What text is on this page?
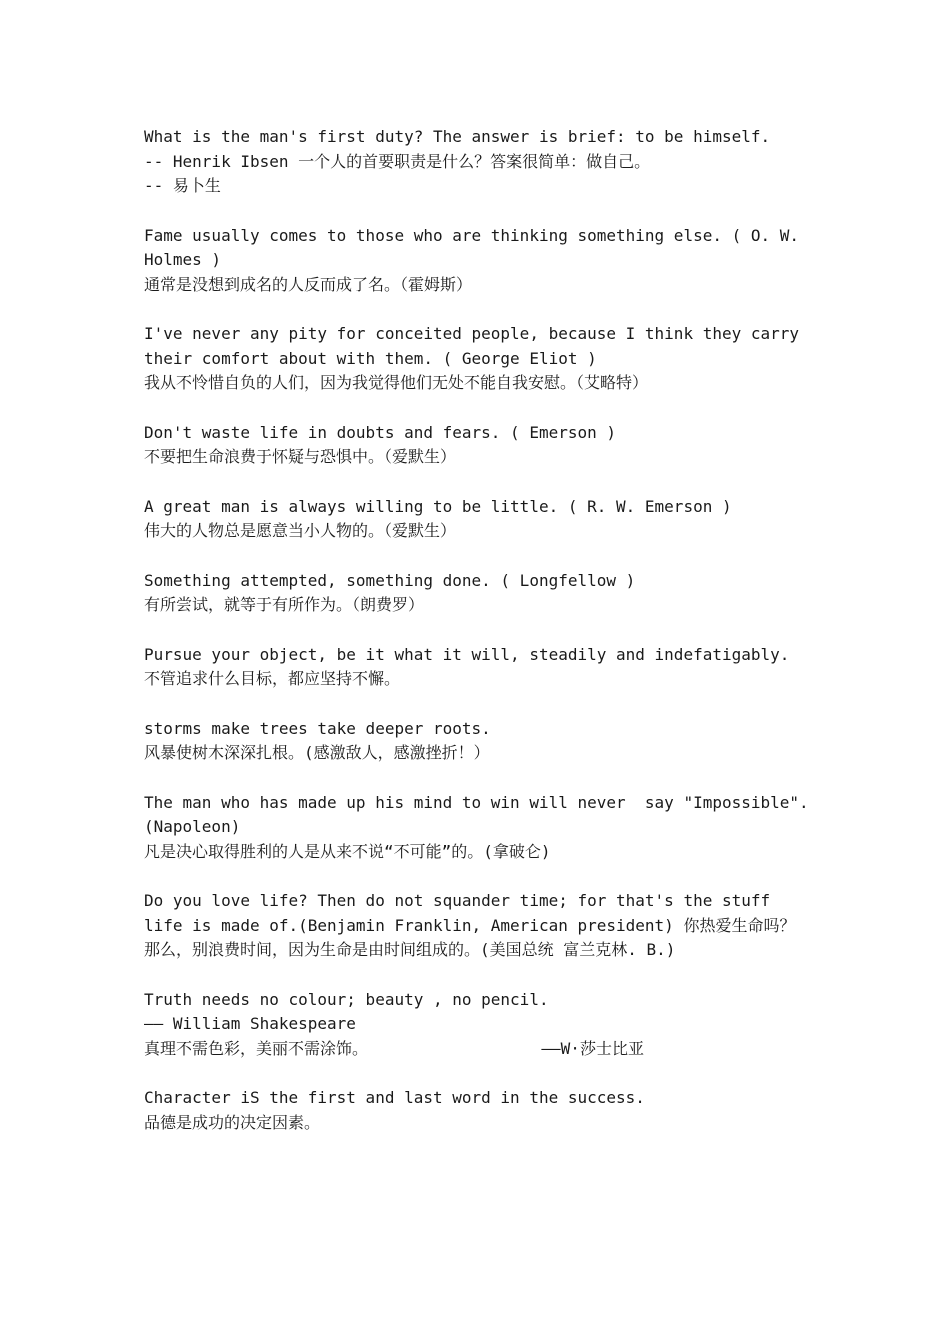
What is the man's first duty? The answer is brief: to be himself.
-- Henrik Ibsen 一个人的首要职责是什么？答案很简单：做自己。
-- 易卜生
Fame usually comes to those who are thinking something else. ( O. W.
Holmes )
通常是没想到成名的人反而成了名。（霍姆斯）
I've never any pity for conceited people, because I think they carry
their comfort about with them. ( George Eliot )
我从不怜惜自负的人们，因为我觉得他们无处不能自我安慰。（艾略特）
Don't waste life in doubts and fears. ( Emerson )
不要把生命浪费于怀疑与恐惧中。（爱默生）
A great man is always willing to be little. ( R. W. Emerson )
伟大的人物总是愿意当小人物的。（爱默生）
Something attempted, something done. ( Longfellow )
有所尝试，就等于有所作为。（朗费罗）
Pursue your object, be it what it will, steadily and indefatigably.
不管追求什么目标，都应坚持不懈。
storms make trees take deeper roots.
风暴使树木深深扎根。(感激敌人，感激挫折！）
The man who has made up his mind to win will never  say "Impossible".
(Napoleon)
凡是决心取得胜利的人是从来不说“不可能”的。(拿破仑)
Do you love life? Then do not squander time; for that's the stuff
life is made of.(Benjamin Franklin, American president) 你热爱生命吗？
那么，别浪费时间，因为生命是由时间组成的。(美国总统 富兰克林. B.)
Truth needs no colour; beauty , no pencil.
—— William Shakespeare
真理不需色彩，美丽不需涂饰。	——W·莎士比亚
Character iS the first and last word in the success.
品德是成功的决定因素。
